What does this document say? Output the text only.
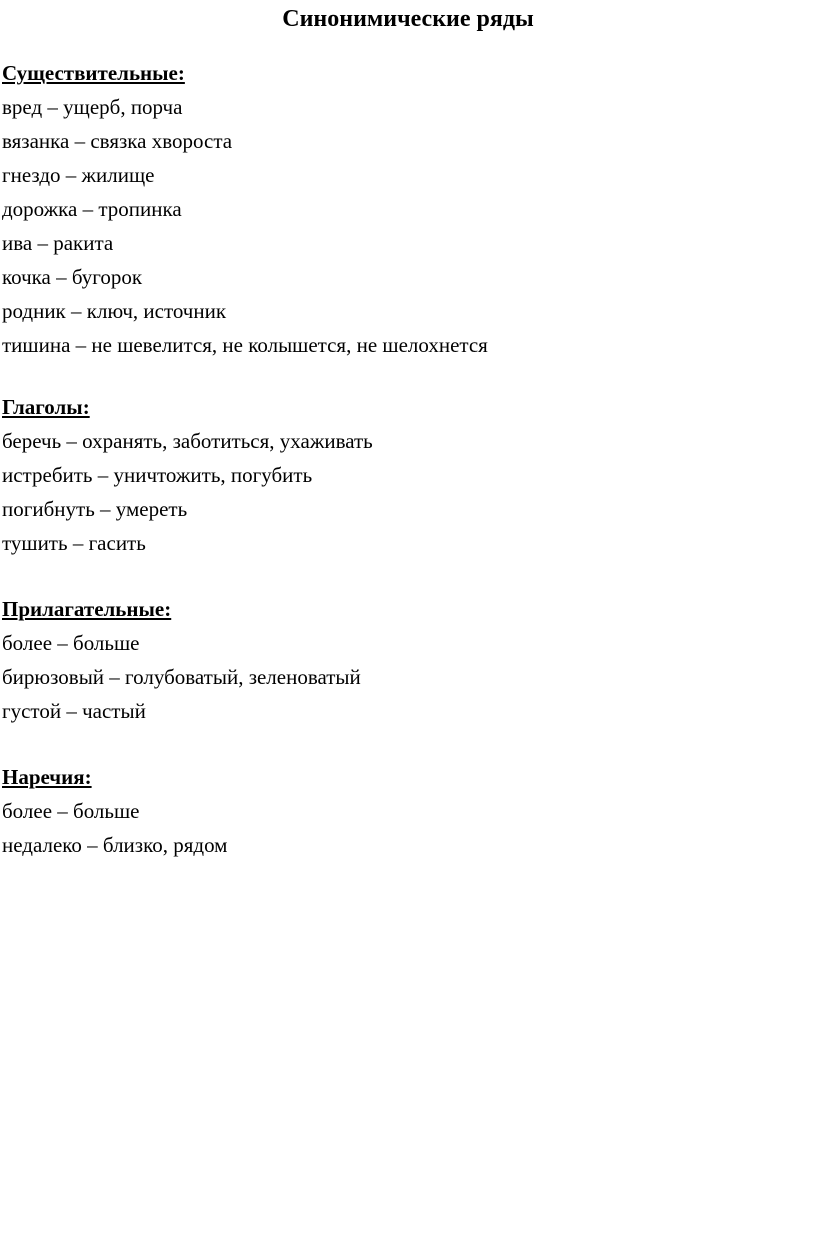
Синонимические ряды
Существительные:
вред – ущерб, порча
вязанка – связка хвороста
гнездо – жилище
дорожка – тропинка
ива – ракита
кочка – бугорок
родник – ключ, источник
тишина – не шевелится, не колышется, не шелохнется
Глаголы:
беречь – охранять, заботиться, ухаживать
истребить – уничтожить, погубить
погибнуть – умереть
тушить – гасить
Прилагательные:
более – больше
бирюзовый – голубоватый, зеленоватый
густой – частый
Наречия:
более – больше
недалеко – близко, рядом
